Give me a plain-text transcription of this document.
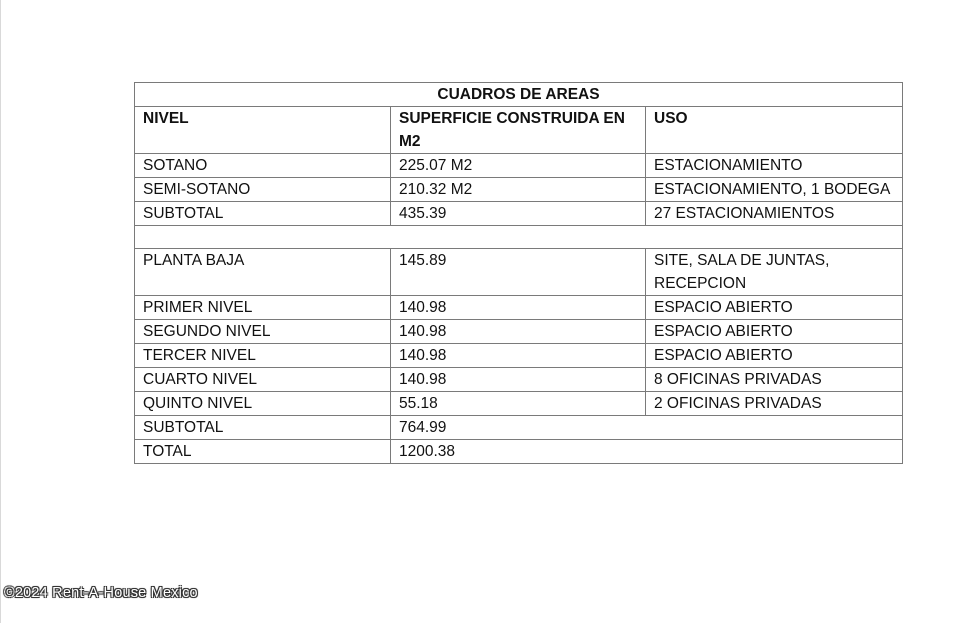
CUADROS DE AREAS		
NIVEL	SUPERFICIE CONSTRUIDA EN M2	USO
SOTANO	225.07 M2	ESTACIONAMIENTO
SEMI-SOTANO	210.32 M2	ESTACIONAMIENTO, 1 BODEGA
SUBTOTAL	435.39	27 ESTACIONAMIENTOS

PLANTA BAJA	145.89	SITE, SALA DE JUNTAS, RECEPCION
PRIMER NIVEL	140.98	ESPACIO ABIERTO
SEGUNDO NIVEL	140.98	ESPACIO ABIERTO
TERCER NIVEL	140.98	ESPACIO ABIERTO
CUARTO NIVEL	140.98	8 OFICINAS PRIVADAS
QUINTO NIVEL	55.18	2 OFICINAS PRIVADAS
SUBTOTAL	764.99	
TOTAL	1200.38	
©2024 Rent-A-House Mexico
